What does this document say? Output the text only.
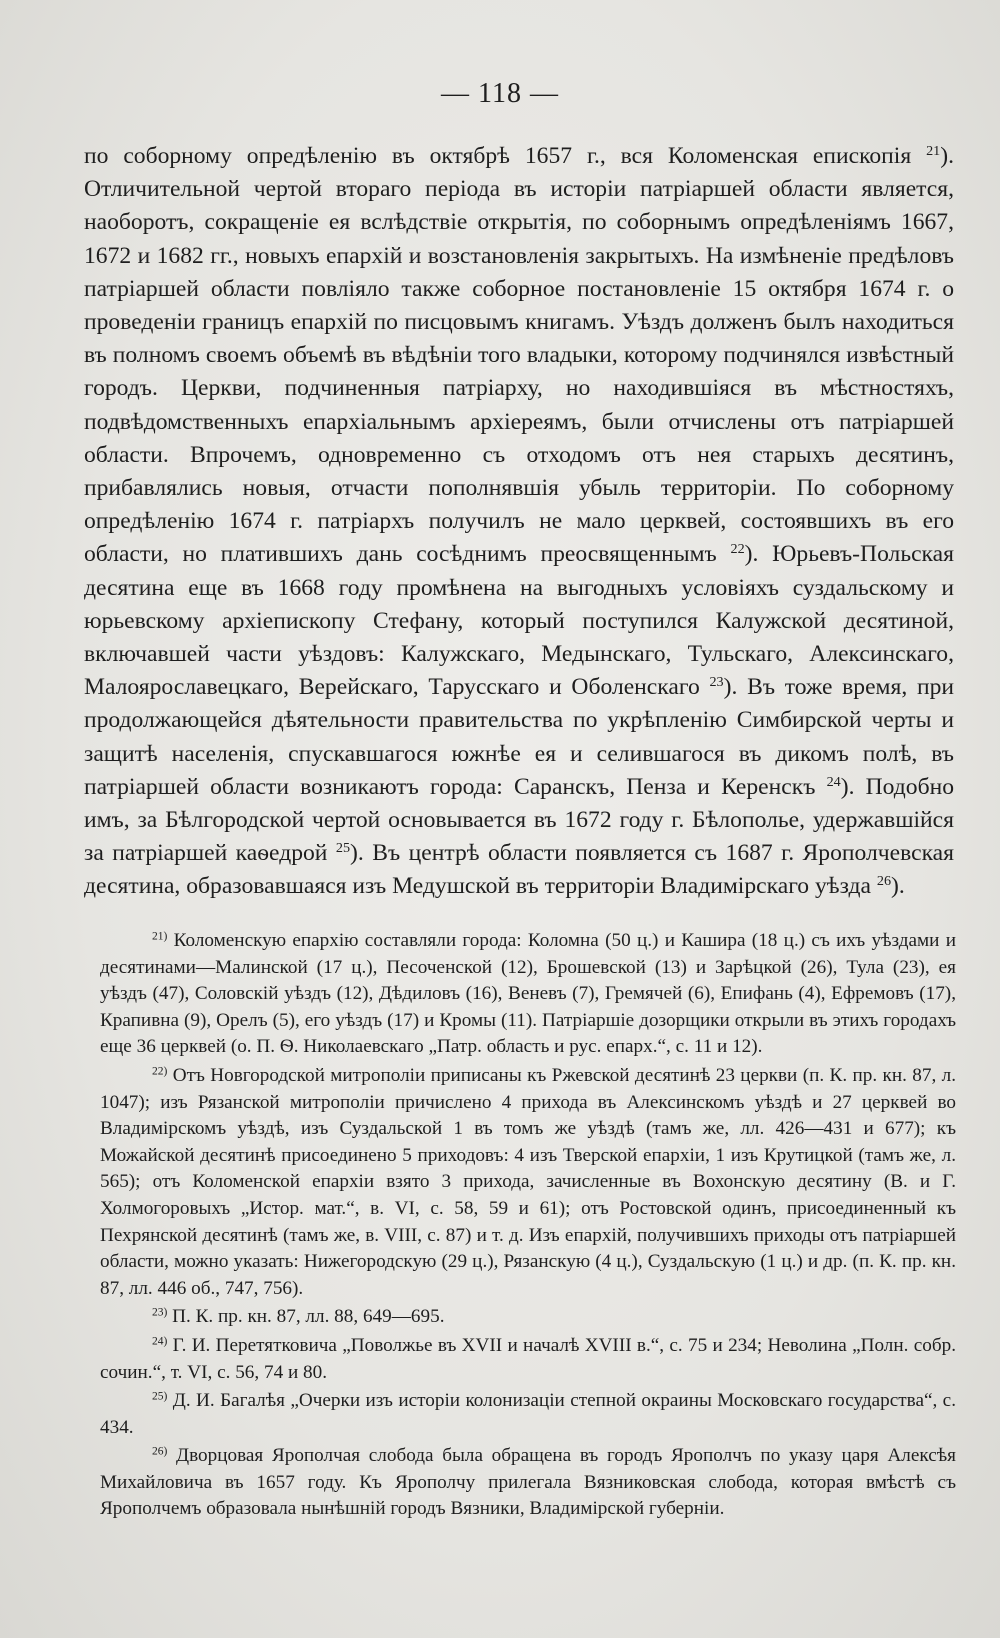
— 118 —

по соборному опредѣленію въ октябрѣ 1657 г., вся Коломенская епископія $^{21}$). Отличительной чертой втораго періода въ исторіи патріаршей области является, наоборотъ, сокращеніе ея вслѣдствіе открытія, по соборнымъ опредѣленіямъ 1667, 1672 и 1682 гг., новыхъ епархій и возстановленія закрытыхъ. На измѣненіе предѣловъ патріаршей области повліяло также соборное постановленіе 15 октября 1674 г. о проведеніи границъ епархій по писцовымъ книгамъ. Уѣздъ долженъ былъ находиться въ полномъ своемъ объемѣ въ вѣдѣніи того владыки, которому подчинялся извѣстный городъ. Церкви, подчиненныя патріарху, но находившіяся въ мѣстностяхъ, подвѣдомственныхъ епархіальнымъ архіереямъ, были отчислены отъ патріаршей области. Впрочемъ, одновременно съ отходомъ отъ нея старыхъ десятинъ, прибавлялись новыя, отчасти пополнявшія убыль территоріи. По соборному опредѣленію 1674 г. патріархъ получилъ не мало церквей, состоявшихъ въ его области, но платившихъ дань сосѣднимъ преосвященнымъ $^{22}$). Юрьевъ-Польская десятина еще въ 1668 году промѣнена на выгодныхъ условіяхъ суздальскому и юрьевскому архіепископу Стефану, который поступился Калужской десятиной, включавшей части уѣздовъ: Калужскаго, Медынскаго, Тульскаго, Алексинскаго, Малоярославецкаго, Верейскаго, Тарусскаго и Оболенскаго $^{23}$). Въ тоже время, при продолжающейся дѣятельности правительства по укрѣпленію Симбирской черты и защитѣ населенія, спускавшагося южнѣе ея и селившагося въ дикомъ полѣ, въ патріаршей области возникаютъ города: Саранскъ, Пенза и Керенскъ $^{24}$). Подобно имъ, за Бѣлгородской чертой основывается въ 1672 году г. Бѣлополье, удержавшійся за патріаршей каѳедрой $^{25}$). Въ центрѣ области появляется съ 1687 г. Ярополчевская десятина, образовавшаяся изъ Медушской въ территоріи Владимірскаго уѣзда $^{26}$).

$^{21)}$ Коломенскую епархію составляли города: Коломна (50 ц.) и Кашира (18 ц.) съ ихъ уѣздами и десятинами—Малинской (17 ц.), Песоченской (12), Брошевской (13) и Зарѣцкой (26), Тула (23), ея уѣздъ (47), Соловскій уѣздъ (12), Дѣдиловъ (16), Веневъ (7), Гремячей (6), Епифань (4), Ефремовъ (17), Крапивна (9), Орелъ (5), его уѣздъ (17) и Кромы (11). Патріаршіе дозорщики открыли въ этихъ городахъ еще 36 церквей (о. П. Ѳ. Николаевскаго „Патр. область и рус. епарх.“, с. 11 и 12).

$^{22)}$ Отъ Новгородской митрополіи приписаны къ Ржевской десятинѣ 23 церкви (п. К. пр. кн. 87, л. 1047); изъ Рязанской митрополіи причислено 4 прихода въ Алексинскомъ уѣздѣ и 27 церквей во Владимірскомъ уѣздѣ, изъ Суздальской 1 въ томъ же уѣздѣ (тамъ же, лл. 426—431 и 677); къ Можайской десятинѣ присоединено 5 приходовъ: 4 изъ Тверской епархіи, 1 изъ Крутицкой (тамъ же, л. 565); отъ Коломенской епархіи взято 3 прихода, зачисленные въ Вохонскую десятину (В. и Г. Холмогоровыхъ „Истор. мат.“, в. VI, с. 58, 59 и 61); отъ Ростовской одинъ, присоединенный къ Пехрянской десятинѣ (тамъ же, в. VIII, с. 87) и т. д. Изъ епархій, получившихъ приходы отъ патріаршей области, можно указать: Нижегородскую (29 ц.), Рязанскую (4 ц.), Суздальскую (1 ц.) и др. (п. К. пр. кн. 87, лл. 446 об., 747, 756).

$^{23)}$ П. К. пр. кн. 87, лл. 88, 649—695.

$^{24)}$ Г. И. Перетятковича „Поволжье въ XVII и началѣ XVIII в.“, с. 75 и 234; Неволина „Полн. собр. сочин.“, т. VI, с. 56, 74 и 80.

$^{25)}$ Д. И. Багалѣя „Очерки изъ исторіи колонизаціи степной окраины Московскаго государства“, с. 434.

$^{26)}$ Дворцовая Ярополчая слобода была обращена въ городъ Ярополчъ по указу царя Алексѣя Михайловича въ 1657 году. Къ Ярополчу прилегала Вязниковская слобода, которая вмѣстѣ съ Ярополчемъ образовала нынѣшній городъ Вязники, Владимірской губерніи.
